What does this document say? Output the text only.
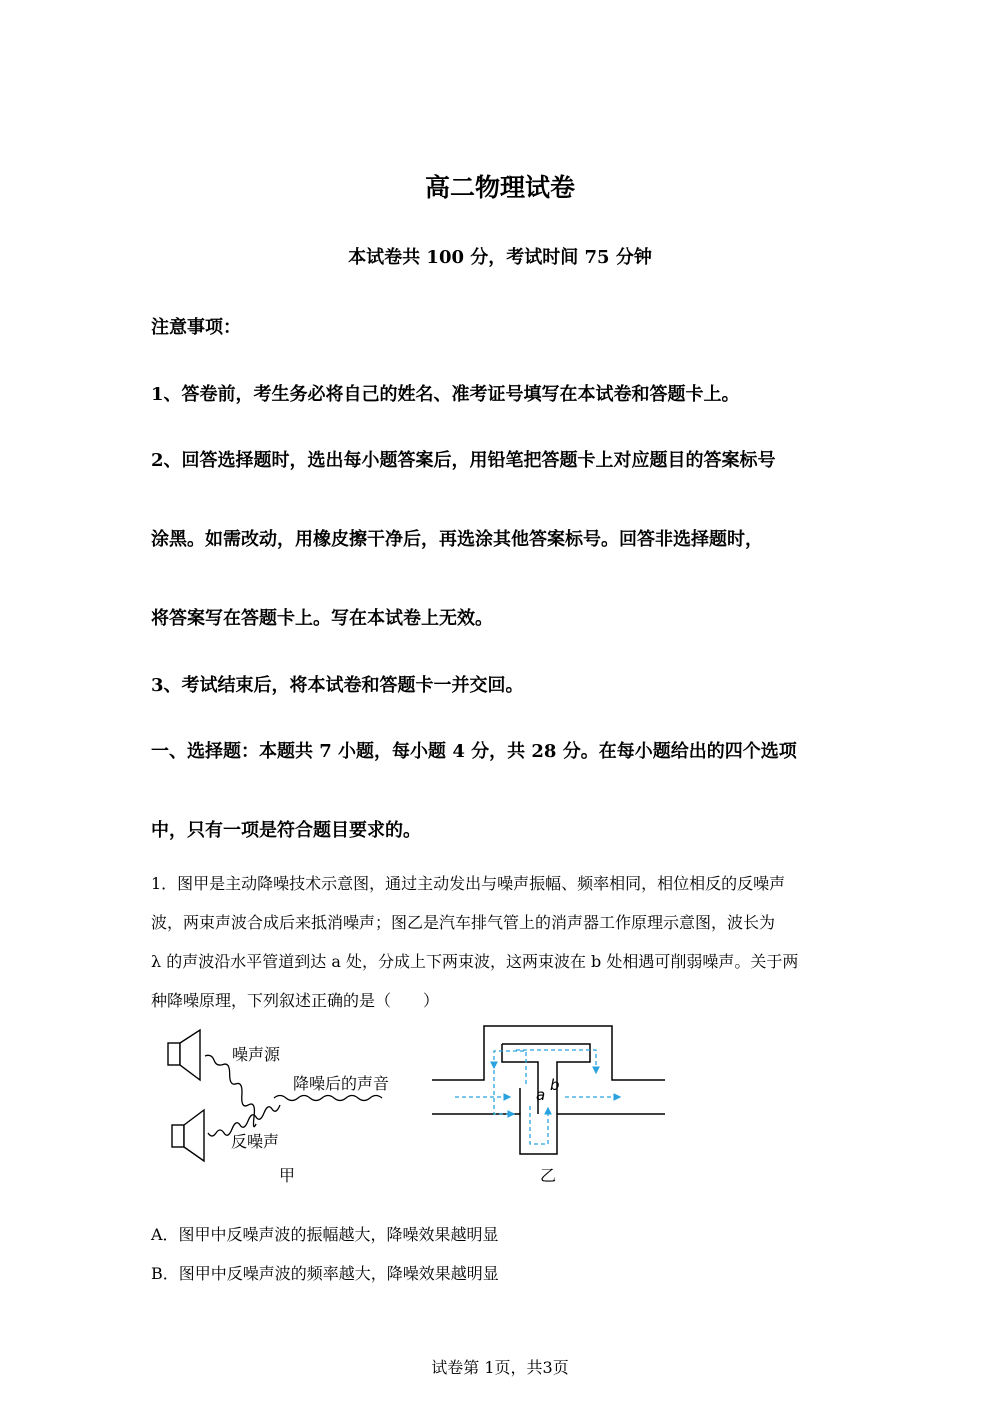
高二物理试卷
本试卷共 100 分，考试时间 75 分钟
注意事项：
1、答卷前，考生务必将自己的姓名、准考证号填写在本试卷和答题卡上。
2、回答选择题时，选出每小题答案后，用铅笔把答题卡上对应题目的答案标号
涂黑。如需改动，用橡皮擦干净后，再选涂其他答案标号。回答非选择题时，
将答案写在答题卡上。写在本试卷上无效。
3、考试结束后，将本试卷和答题卡一并交回。
一、选择题：本题共 7 小题，每小题 4 分，共 28 分。在每小题给出的四个选项
中，只有一项是符合题目要求的。
1．图甲是主动降噪技术示意图，通过主动发出与噪声振幅、频率相同，相位相反的反噪声
波，两束声波合成后来抵消噪声；图乙是汽车排气管上的消声器工作原理示意图，波长为
λ 的声波沿水平管道到达 a 处，分成上下两束波，这两束波在 b 处相遇可削弱噪声。关于两
种降噪原理，下列叙述正确的是（　　）
噪声源
降噪后的声音
反噪声
甲
a
b
乙
A．图甲中反噪声波的振幅越大，降噪效果越明显
B．图甲中反噪声波的频率越大，降噪效果越明显
试卷第 1页，共3页
